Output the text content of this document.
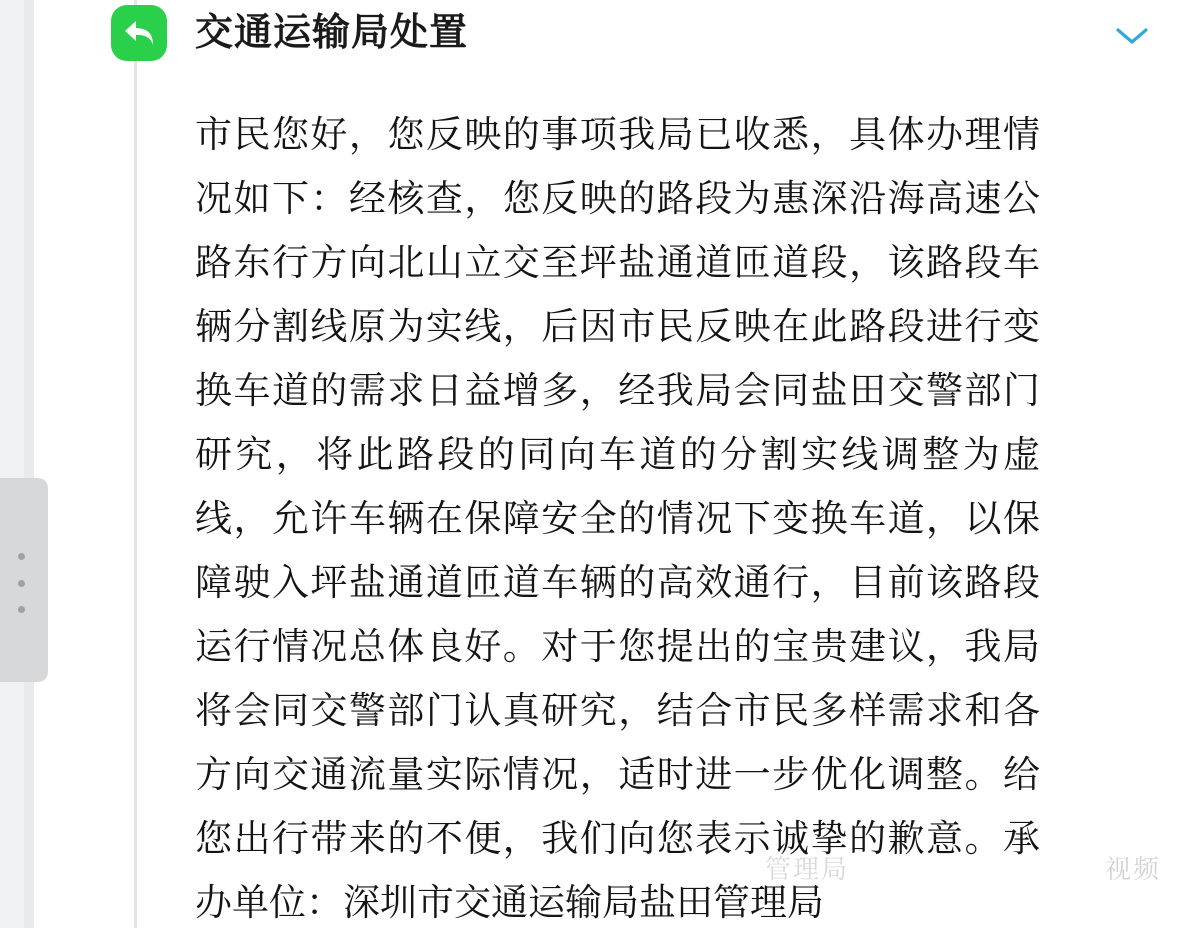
交通运输局处置
市民您好，您反映的事项我局已收悉，具体办理情况如下：经核查，您反映的路段为惠深沿海高速公路东行方向北山立交至坪盐通道匝道段，该路段车辆分割线原为实线，后因市民反映在此路段进行变换车道的需求日益增多，经我局会同盐田交警部门研究，将此路段的同向车道的分割实线调整为虚线，允许车辆在保障安全的情况下变换车道，以保障驶入坪盐通道匝道车辆的高效通行，目前该路段运行情况总体良好。对于您提出的宝贵建议，我局将会同交警部门认真研究，结合市民多样需求和各方向交通流量实际情况，适时进一步优化调整。给您出行带来的不便，我们向您表示诚挚的歉意。承办单位：深圳市交通运输局盐田管理局
管理局	视频
